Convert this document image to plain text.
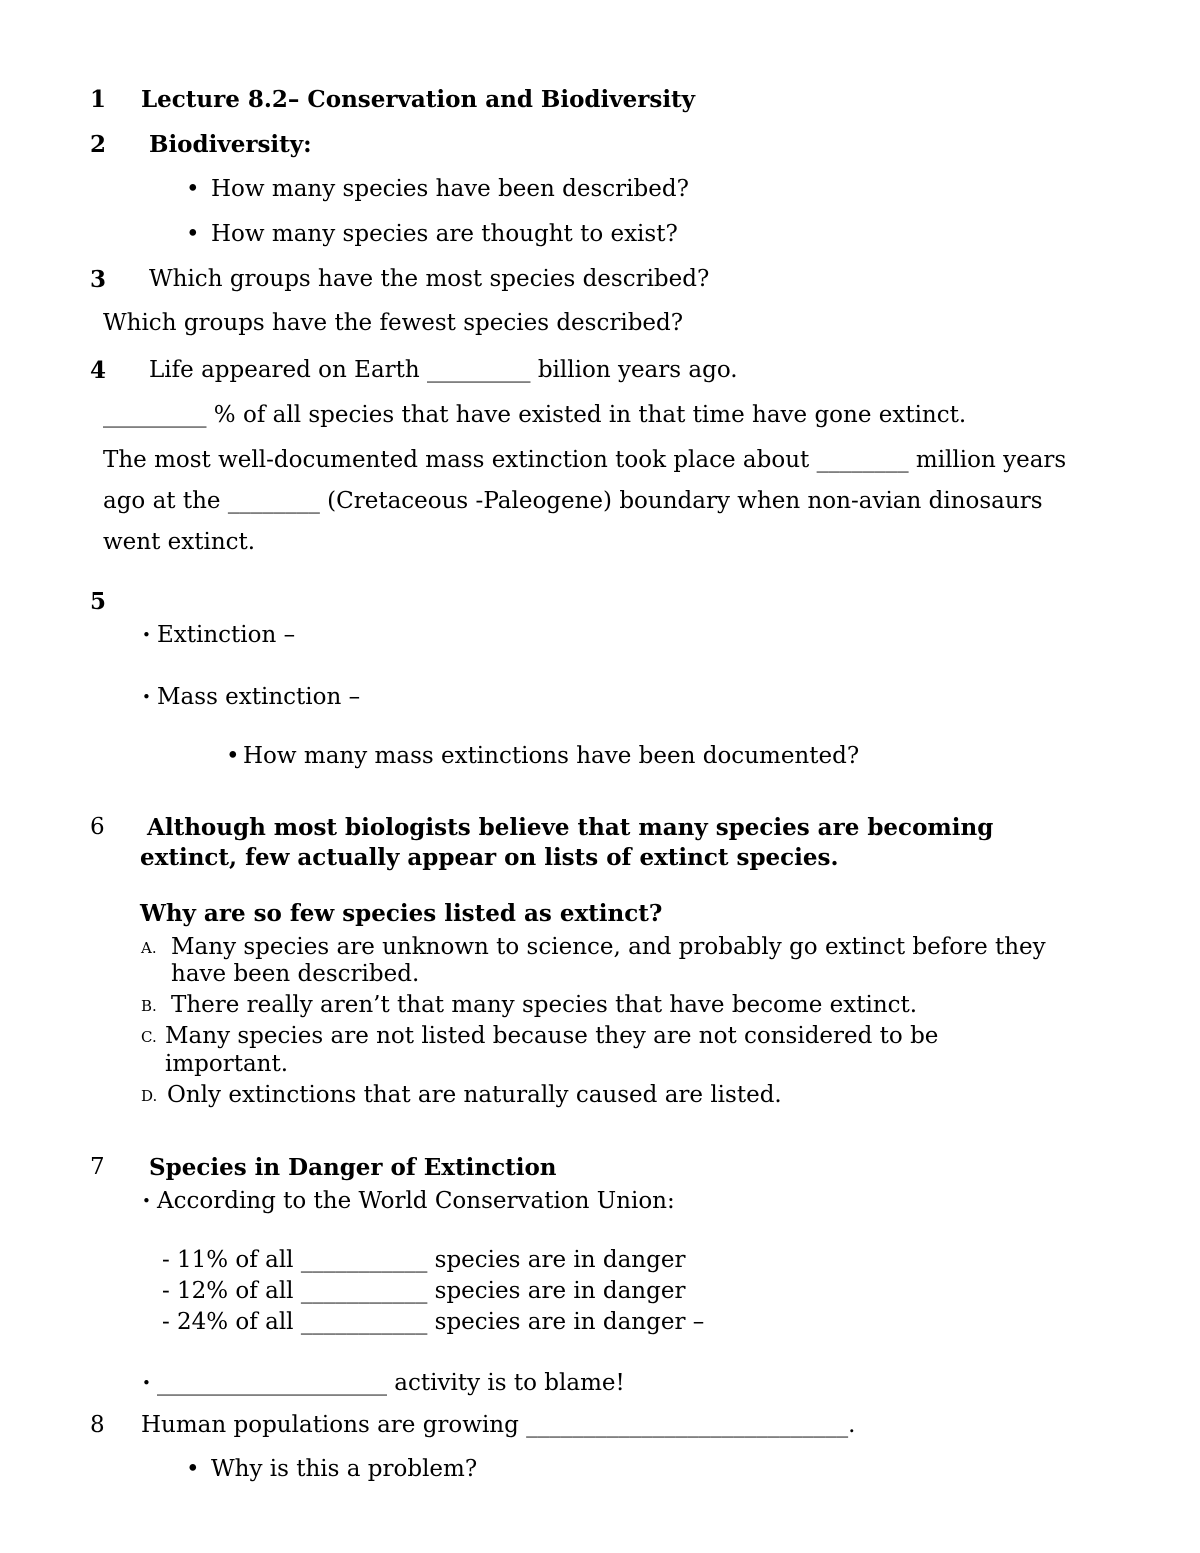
1 Lecture 8.2– Conservation and Biodiversity
2 Biodiversity:
• How many species have been described?
• How many species are thought to exist?
3 Which groups have the most species described?
Which groups have the fewest species described?
4 Life appeared on Earth _________ billion years ago.
_________ % of all species that have existed in that time have gone extinct.
The most well-documented mass extinction took place about ________ million years
ago at the ________ (Cretaceous -Paleogene) boundary when non-avian dinosaurs
went extinct.
5
• Extinction –
• Mass extinction –
• How many mass extinctions have been documented?
6 Although most biologists believe that many species are becoming
extinct, few actually appear on lists of extinct species.
Why are so few species listed as extinct?
A. Many species are unknown to science, and probably go extinct before they
have been described.
B. There really aren’t that many species that have become extinct.
C. Many species are not listed because they are not considered to be
important.
D. Only extinctions that are naturally caused are listed.
7 Species in Danger of Extinction
• According to the World Conservation Union:
- 11% of all ___________ species are in danger
- 12% of all ___________ species are in danger
- 24% of all ___________ species are in danger –
• ____________________ activity is to blame!
8 Human populations are growing ____________________________.
• Why is this a problem?
